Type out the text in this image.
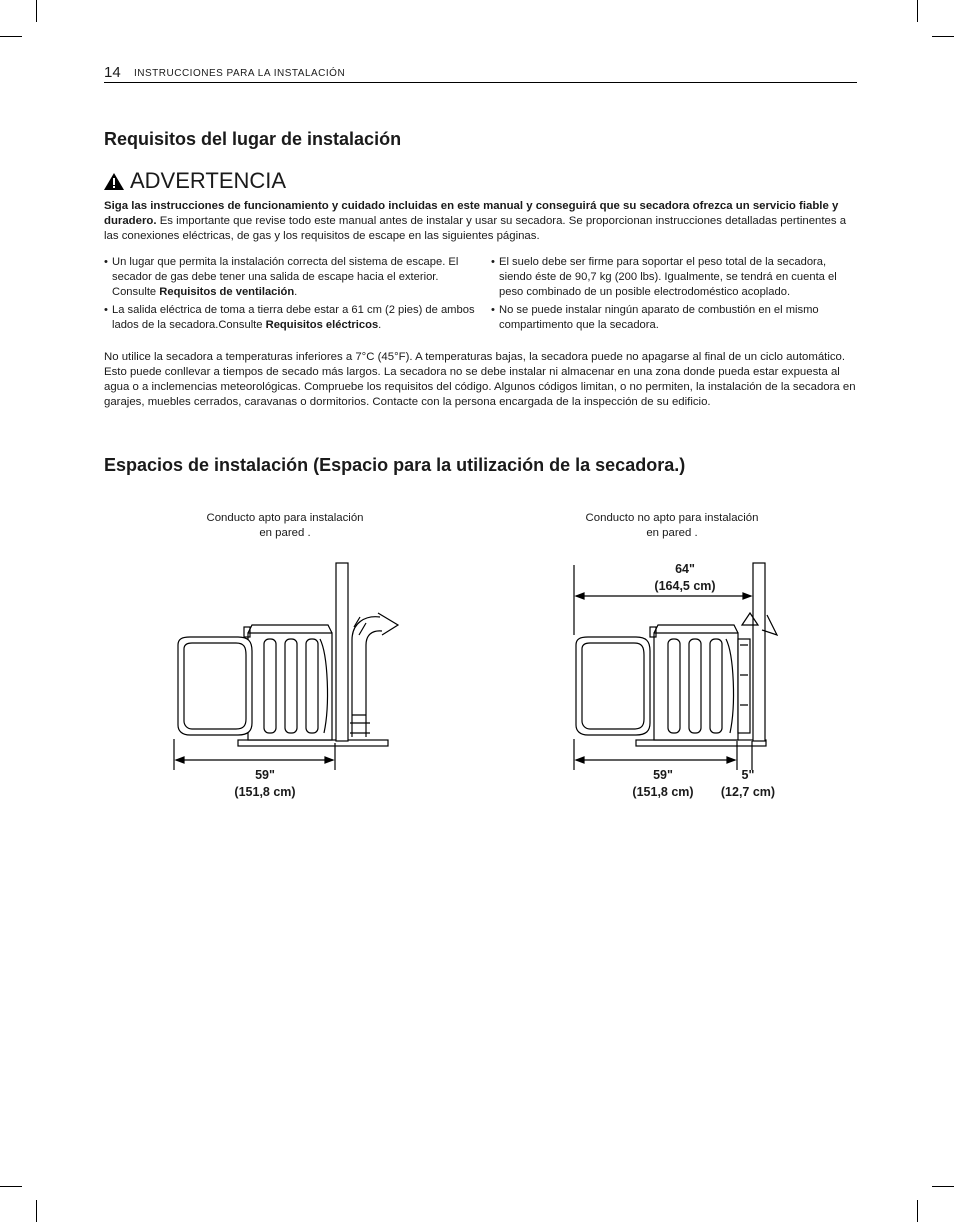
14 INSTRUCCIONES PARA LA INSTALACIÓN
Requisitos del lugar de instalación
ADVERTENCIA
Siga las instrucciones de funcionamiento y cuidado incluidas en este manual y conseguirá que su secadora ofrezca un servicio fiable y duradero. Es importante que revise todo este manual antes de instalar y usar su secadora. Se proporcionan instrucciones detalladas pertinentes a las conexiones eléctricas, de gas y los requisitos de escape en las siguientes páginas.
• Un lugar que permita la instalación correcta del sistema de escape. El secador de gas debe tener una salida de escape hacia el exterior. Consulte Requisitos de ventilación.
• La salida eléctrica de toma a tierra debe estar a 61 cm (2 pies) de ambos lados de la secadora.Consulte Requisitos eléctricos.
• El suelo debe ser firme para soportar el peso total de la secadora, siendo éste de 90,7 kg (200 lbs). Igualmente, se tendrá en cuenta el peso combinado de un posible electrodoméstico acoplado.
• No se puede instalar ningún aparato de combustión en el mismo compartimento que la secadora.
No utilice la secadora a temperaturas inferiores a 7°C (45°F). A temperaturas bajas, la secadora puede no apagarse al final de un ciclo automático. Esto puede conllevar a tiempos de secado más largos. La secadora no se debe instalar ni almacenar en una zona donde pueda estar expuesta al agua o a inclemencias meteorológicas. Compruebe los requisitos del código. Algunos códigos limitan, o no permiten, la instalación de la secadora en garajes, muebles cerrados, caravanas o dormitorios. Contacte con la persona encargada de la inspección de su edificio.
Espacios de instalación (Espacio para la utilización de la secadora.)
Conducto apto para instalación
en pared .
Conducto no apto para instalación
en pared .
59"
(151,8 cm)
64"
(164,5 cm)
59"
(151,8 cm)
5"
(12,7 cm)
